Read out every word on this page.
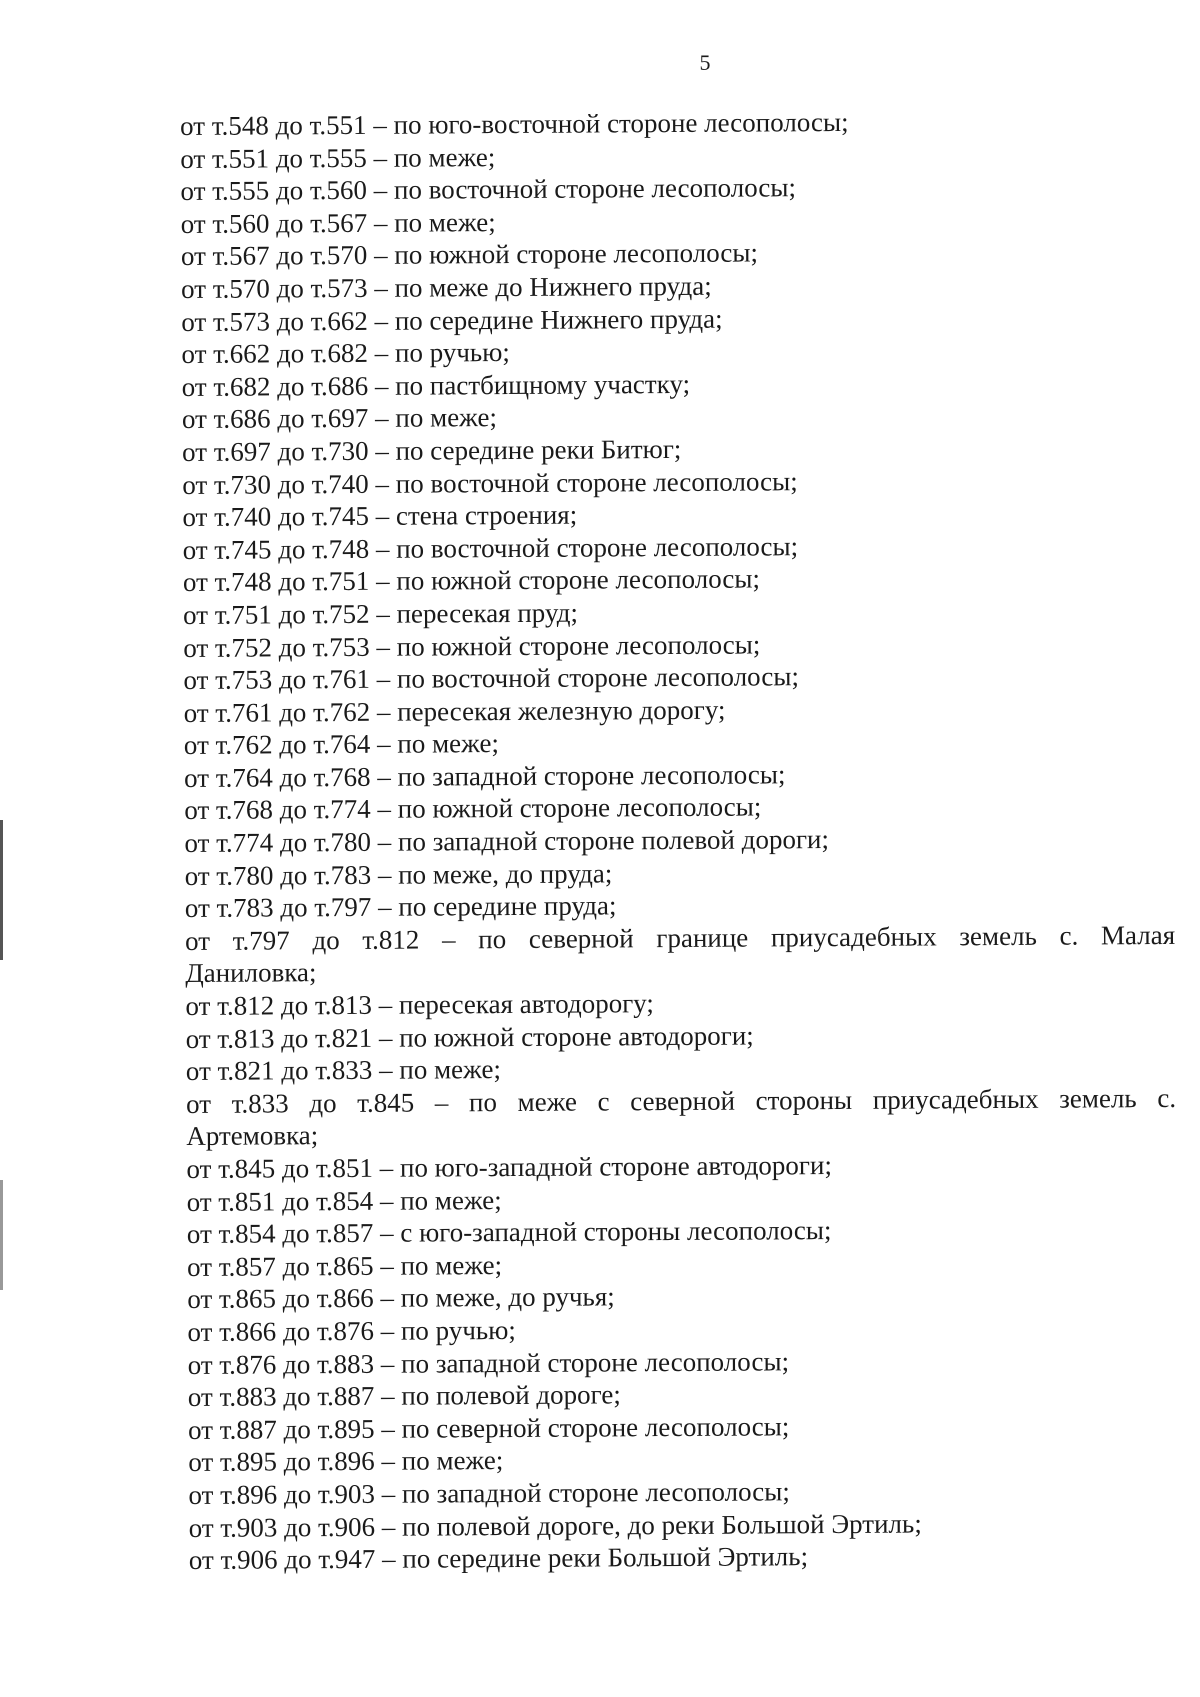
5

от т.548 до т.551 – по юго-восточной стороне лесополосы;

от т.551 до т.555 – по меже;

от т.555 до т.560 – по восточной стороне лесополосы;

от т.560 до т.567 – по меже;

от т.567 до т.570 – по южной стороне лесополосы;

от т.570 до т.573 – по меже до Нижнего пруда;

от т.573 до т.662 – по середине Нижнего пруда;

от т.662 до т.682 – по ручью;

от т.682 до т.686 – по пастбищному участку;

от т.686 до т.697 – по меже;

от т.697 до т.730 – по середине реки Битюг;

от т.730 до т.740 – по восточной стороне лесополосы;

от т.740 до т.745 – стена строения;

от т.745 до т.748 – по восточной стороне лесополосы;

от т.748 до т.751 – по южной стороне лесополосы;

от т.751 до т.752 – пересекая пруд;

от т.752 до т.753 – по южной стороне лесополосы;

от т.753 до т.761 – по восточной стороне лесополосы;

от т.761 до т.762 – пересекая железную дорогу;

от т.762 до т.764 – по меже;

от т.764 до т.768 – по западной стороне лесополосы;

от т.768 до т.774 – по южной стороне лесополосы;

от т.774 до т.780 – по западной стороне полевой дороги;

от т.780 до т.783 – по меже, до пруда;

от т.783 до т.797 – по середине пруда;

от т.797 до т.812 – по северной границе приусадебных земель с. Малая

Даниловка;

от т.812 до т.813 – пересекая автодорогу;

от т.813 до т.821 – по южной стороне автодороги;

от т.821 до т.833 – по меже;

от т.833 до т.845 – по меже с северной стороны приусадебных земель с.

Артемовка;

от т.845 до т.851 – по юго-западной стороне автодороги;

от т.851 до т.854 – по меже;

от т.854 до т.857 – с юго-западной стороны лесополосы;

от т.857 до т.865 – по меже;

от т.865 до т.866 – по меже, до ручья;

от т.866 до т.876 – по ручью;

от т.876 до т.883 – по западной стороне лесополосы;

от т.883 до т.887 – по полевой дороге;

от т.887 до т.895 – по северной стороне лесополосы;

от т.895 до т.896 – по меже;

от т.896 до т.903 – по западной стороне лесополосы;

от т.903 до т.906 – по полевой дороге, до реки Большой Эртиль;

от т.906 до т.947 – по середине реки Большой Эртиль;
